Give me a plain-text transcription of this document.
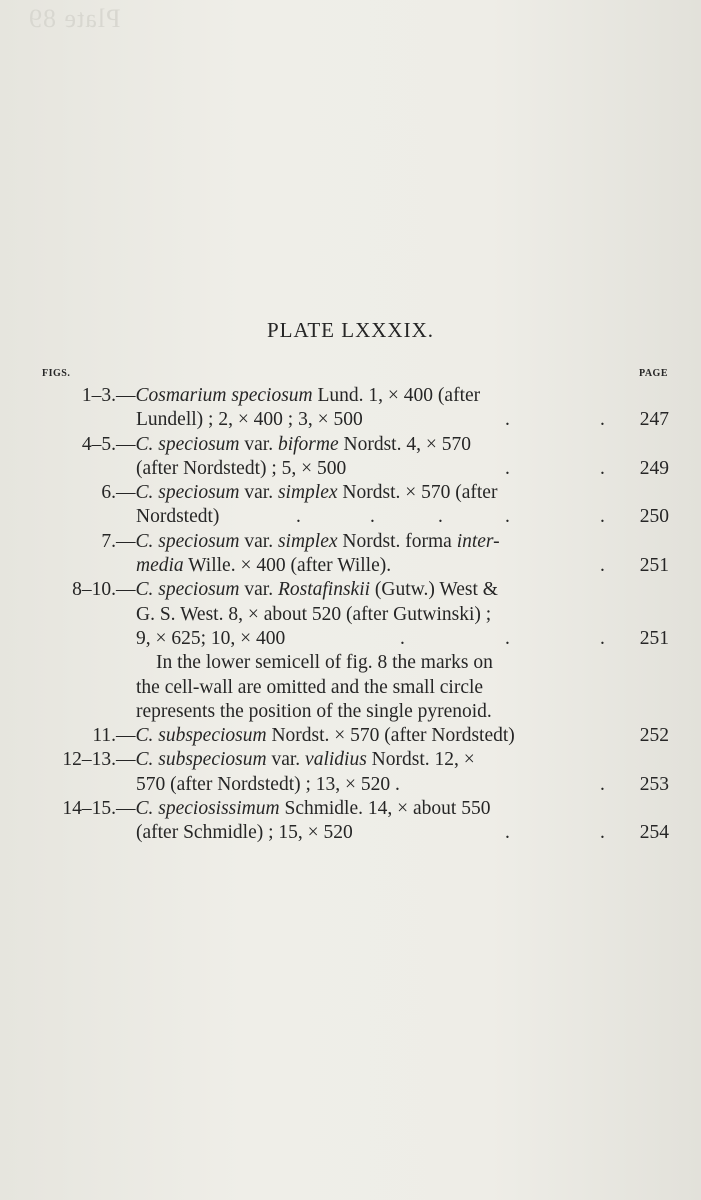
Plate 89
PLATE LXXXIX.
FIGS.	PAGE
1–3. —Cosmarium speciosum Lund. 1, × 400 (after
Lundell) ; 2, × 400 ; 3, × 500	.	. 247
4–5. —C. speciosum var. biforme Nordst. 4, × 570
(after Nordstedt) ; 5, × 500	.	. 249
6. —C. speciosum var. simplex Nordst. × 570 (after
Nordstedt)	.	.	.	.	. 250
7. —C. speciosum var. simplex Nordst. forma inter-
media Wille. × 400 (after Wille).	. 251
8–10. —C. speciosum var. Rostafinskii (Gutw.) West &
G. S. West. 8, × about 520 (after Gutwinski) ;
9, × 625; 10, × 400	.	.	. 251
In the lower semicell of fig. 8 the marks on
the cell-wall are omitted and the small circle
represents the position of the single pyrenoid.
11. —C. subspeciosum Nordst. × 570 (after Nordstedt)	252
12–13. —C. subspeciosum var. validius Nordst. 12, ×
570 (after Nordstedt) ; 13, × 520 .	. 253
14–15. —C. speciosissimum Schmidle. 14, × about 550
(after Schmidle) ; 15, × 520	.	. 254
